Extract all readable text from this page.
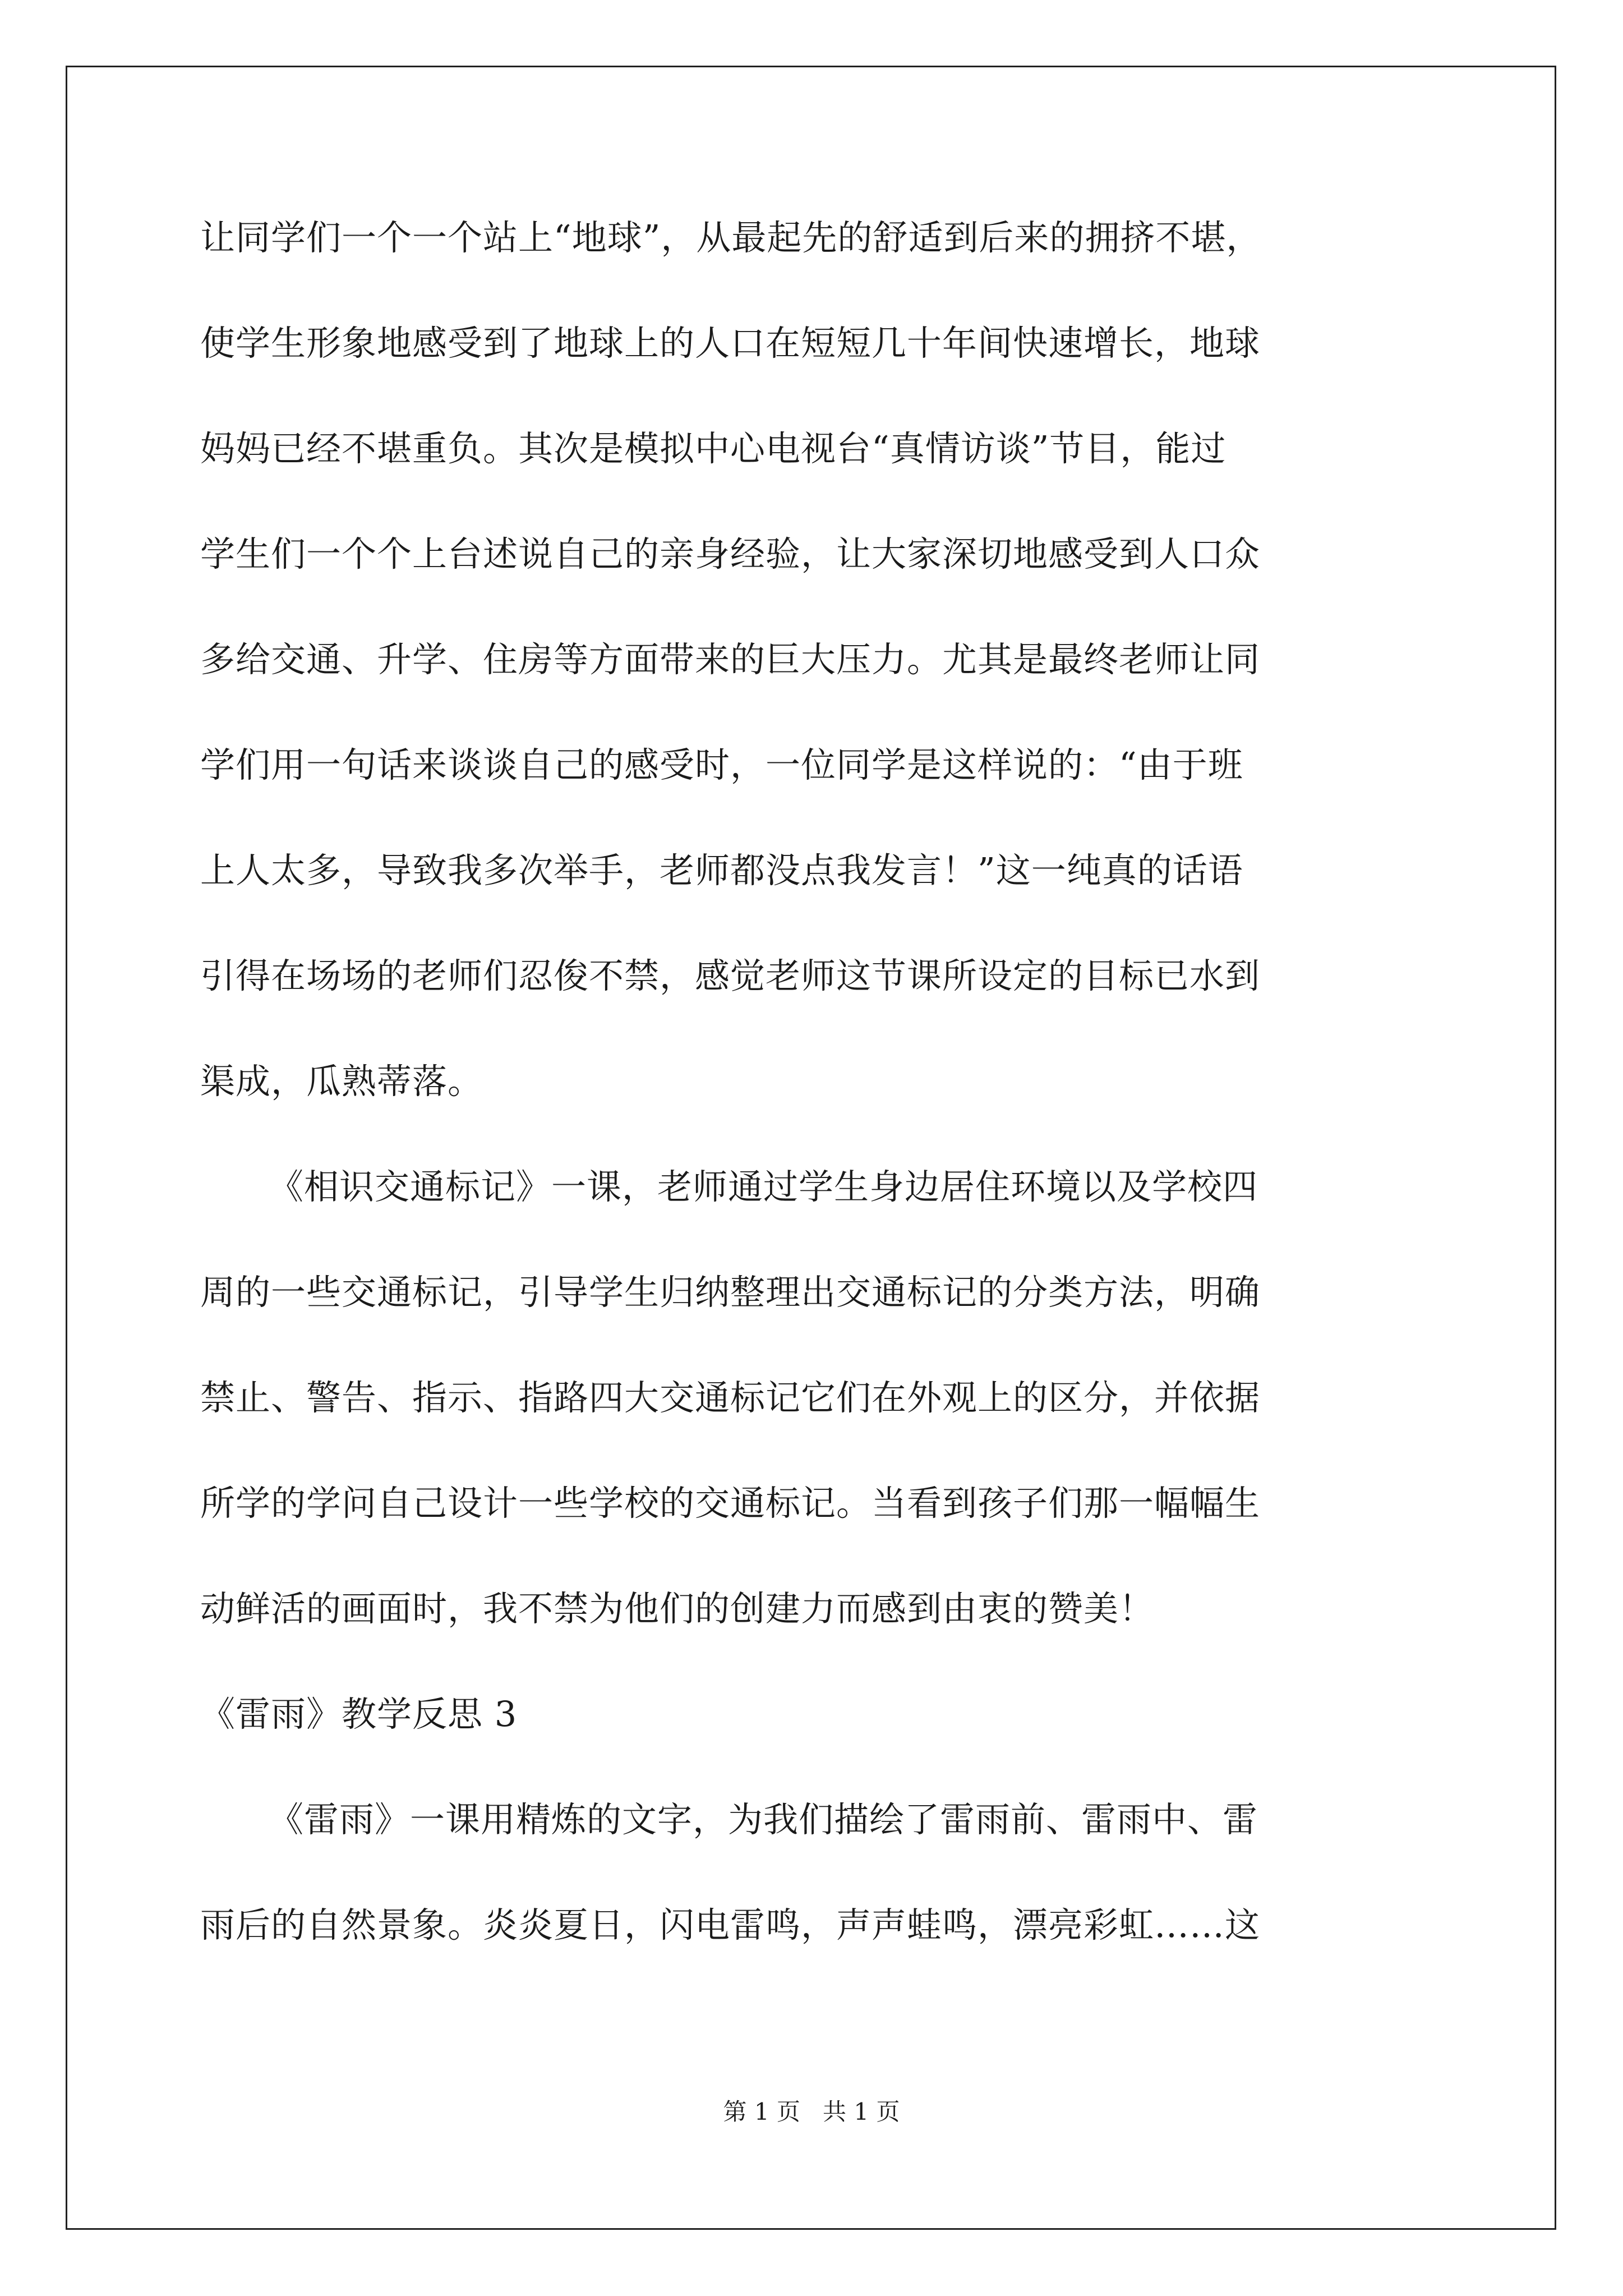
让同学们一个一个站上“地球”，从最起先的舒适到后来的拥挤不堪，
使学生形象地感受到了地球上的人口在短短几十年间快速增长，地球
妈妈已经不堪重负。其次是模拟中心电视台“真情访谈”节目，能过
学生们一个个上台述说自己的亲身经验，让大家深切地感受到人口众
多给交通、升学、住房等方面带来的巨大压力。尤其是最终老师让同
学们用一句话来谈谈自己的感受时，一位同学是这样说的：“由于班
上人太多，导致我多次举手，老师都没点我发言！”这一纯真的话语
引得在场场的老师们忍俊不禁，感觉老师这节课所设定的目标已水到
渠成，瓜熟蒂落。
《相识交通标记》一课，老师通过学生身边居住环境以及学校四
周的一些交通标记，引导学生归纳整理出交通标记的分类方法，明确
禁止、警告、指示、指路四大交通标记它们在外观上的区分，并依据
所学的学问自己设计一些学校的交通标记。当看到孩子们那一幅幅生
动鲜活的画面时，我不禁为他们的创建力而感到由衷的赞美！
《雷雨》教学反思 3
《雷雨》一课用精炼的文字，为我们描绘了雷雨前、雷雨中、雷
雨后的自然景象。炎炎夏日，闪电雷鸣，声声蛙鸣，漂亮彩虹……这
第 1 页   共 1 页
